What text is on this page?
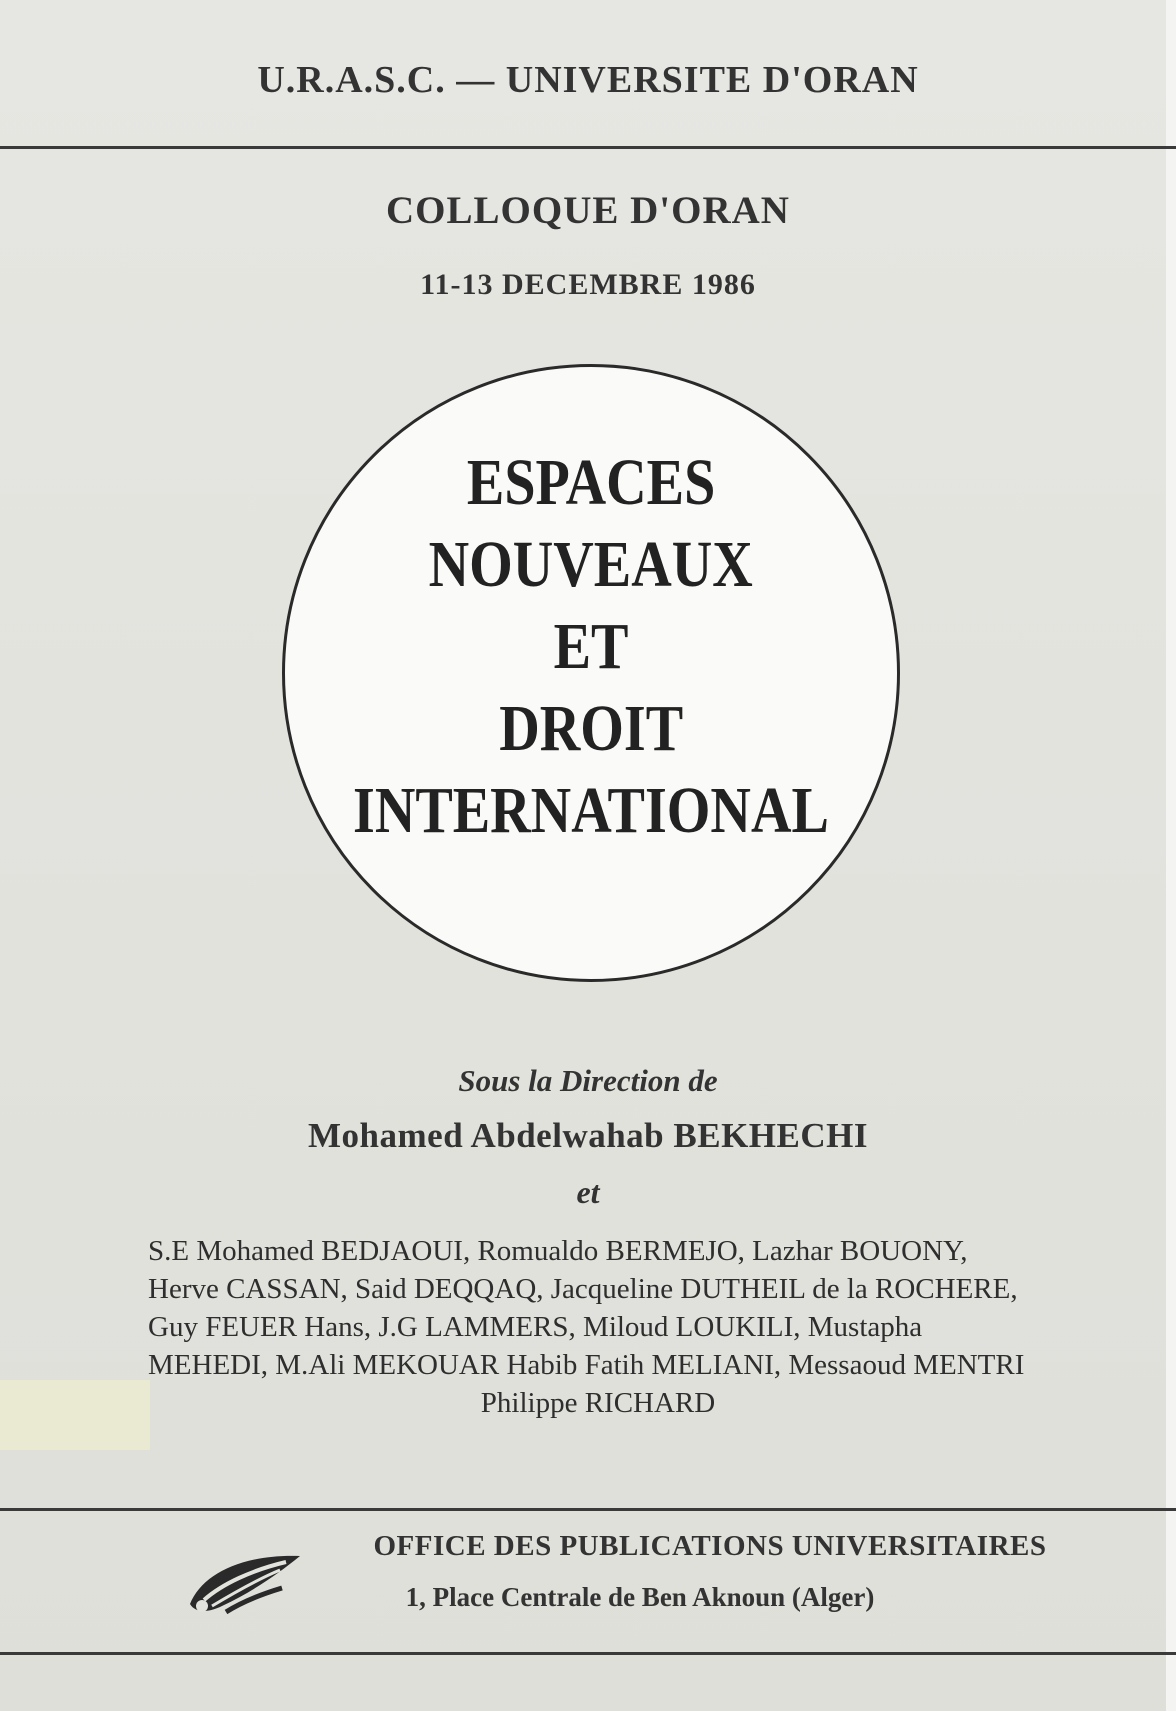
U.R.A.S.C. — UNIVERSITE D'ORAN
COLLOQUE D'ORAN
11-13 DECEMBRE 1986
ESPACES
NOUVEAUX
ET
DROIT
INTERNATIONAL
Sous la Direction de
Mohamed Abdelwahab BEKHECHI
et
S.E Mohamed BEDJAOUI, Romualdo BERMEJO, Lazhar BOUONY,
Herve CASSAN, Said DEQQAQ, Jacqueline DUTHEIL de la ROCHERE,
Guy FEUER Hans, J.G LAMMERS, Miloud LOUKILI, Mustapha
MEHEDI, M.Ali MEKOUAR Habib Fatih MELIANI, Messaoud MENTRI
Philippe RICHARD
OFFICE DES PUBLICATIONS UNIVERSITAIRES
1, Place Centrale de Ben Aknoun (Alger)
